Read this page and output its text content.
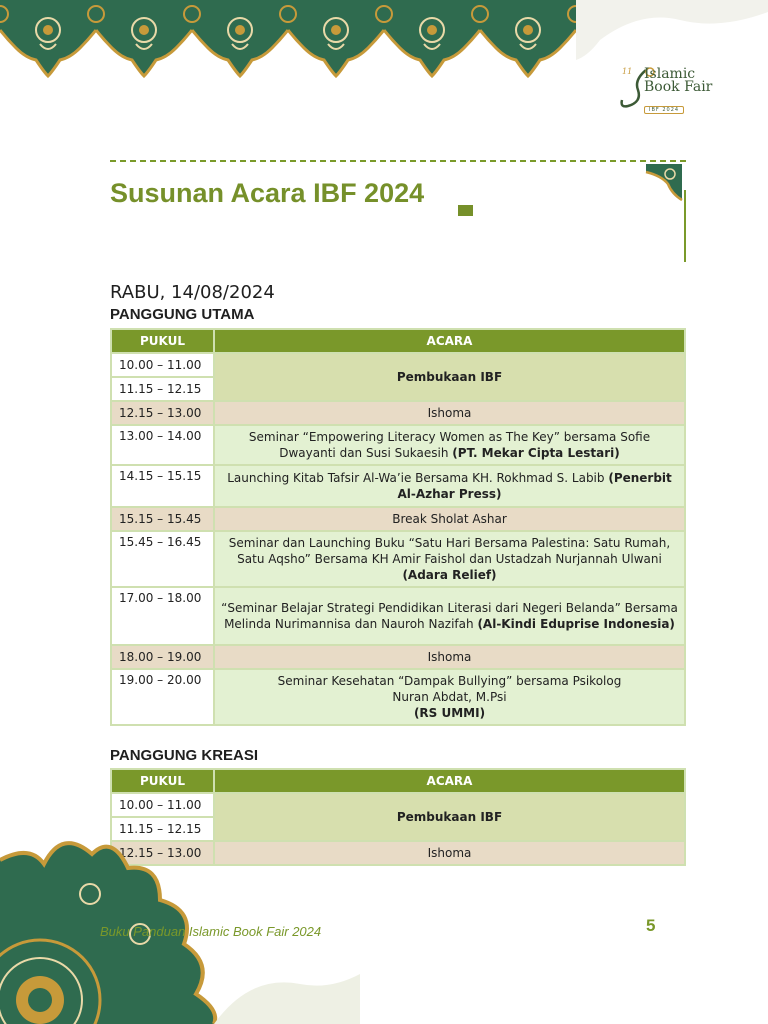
11 Islamic
Book Fair
IBF 2024
Susunan Acara IBF 2024
RABU, 14/08/2024
PANGGUNG UTAMA
PUKUL	ACARA
10.00 – 11.00	Pembukaan IBF
11.15 – 12.15	
12.15 – 13.00	Ishoma
13.00 – 14.00	Seminar “Empowering Literacy Women as The Key” bersama Sofie Dwayanti dan Susi Sukaesih (PT. Mekar Cipta Lestari)
14.15 – 15.15	Launching Kitab Tafsir Al-Wa’ie Bersama KH. Rokhmad S. Labib (Penerbit Al-Azhar Press)
15.15 – 15.45	Break Sholat Ashar
15.45 – 16.45	Seminar dan Launching Buku “Satu Hari Bersama Palestina: Satu Rumah, Satu Aqsho” Bersama KH Amir Faishol dan Ustadzah Nurjannah Ulwani (Adara Relief)
17.00 – 18.00	“Seminar Belajar Strategi Pendidikan Literasi dari Negeri Belanda” Bersama Melinda Nurimannisa dan Nauroh Nazifah (Al-Kindi Eduprise Indonesia)
18.00 – 19.00	Ishoma
19.00 – 20.00	Seminar Kesehatan “Dampak Bullying” bersama Psikolog Nuran Abdat, M.Psi
(RS UMMI)
PANGGUNG KREASI
PUKUL	ACARA
10.00 – 11.00	Pembukaan IBF
11.15 – 12.15	
12.15 – 13.00	Ishoma
Buku Panduan Islamic Book Fair 2024	5
